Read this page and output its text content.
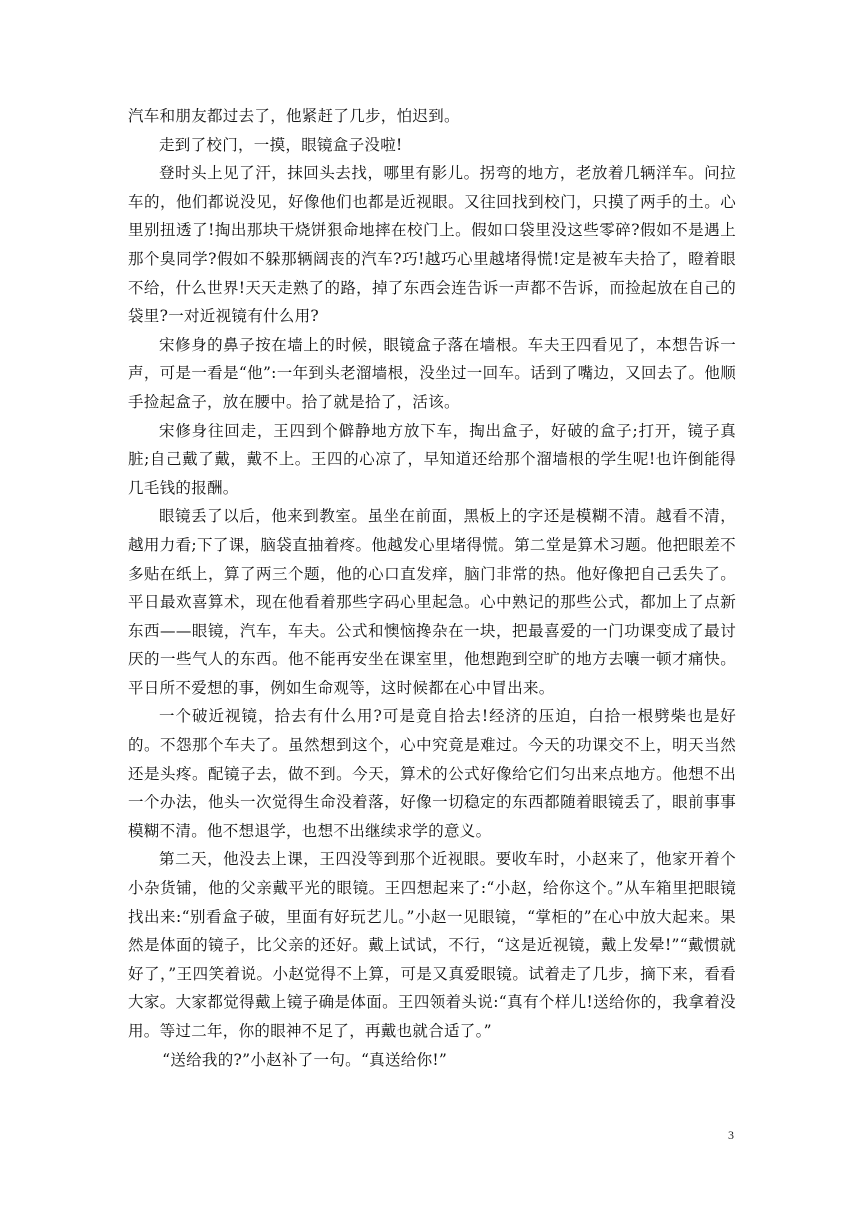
汽车和朋友都过去了，他紧赶了几步，怕迟到。

走到了校门，一摸，眼镜盒子没啦!

登时头上见了汗，抹回头去找，哪里有影儿。拐弯的地方，老放着几辆洋车。问拉车的，他们都说没见，好像他们也都是近视眼。又往回找到校门，只摸了两手的土。心里别扭透了!掏出那块干烧饼狠命地摔在校门上。假如口袋里没这些零碎?假如不是遇上那个臭同学?假如不躲那辆阔丧的汽车?巧!越巧心里越堵得慌!定是被车夫拾了，瞪着眼不给，什么世界!天天走熟了的路，掉了东西会连告诉一声都不告诉，而捡起放在自己的袋里?一对近视镜有什么用?

宋修身的鼻子按在墙上的时候，眼镜盒子落在墙根。车夫王四看见了，本想告诉一声，可是一看是“他”:一年到头老溜墙根，没坐过一回车。话到了嘴边，又回去了。他顺手捡起盒子，放在腰中。拾了就是拾了，活该。

宋修身往回走，王四到个僻静地方放下车，掏出盒子，好破的盒子;打开，镜子真脏;自己戴了戴，戴不上。王四的心凉了，早知道还给那个溜墙根的学生呢!也许倒能得几毛钱的报酬。

眼镜丢了以后，他来到教室。虽坐在前面，黑板上的字还是模糊不清。越看不清，越用力看;下了课，脑袋直抽着疼。他越发心里堵得慌。第二堂是算术习题。他把眼差不多贴在纸上，算了两三个题，他的心口直发痒，脑门非常的热。他好像把自己丢失了。平日最欢喜算术，现在他看着那些字码心里起急。心中熟记的那些公式，都加上了点新东西——眼镜，汽车，车夫。公式和懊恼搀杂在一块，把最喜爱的一门功课变成了最讨厌的一些气人的东西。他不能再安坐在课室里，他想跑到空旷的地方去嚷一顿才痛快。平日所不爱想的事，例如生命观等，这时候都在心中冒出来。

一个破近视镜，拾去有什么用?可是竟自拾去!经济的压迫，白拾一根劈柴也是好的。不怨那个车夫了。虽然想到这个，心中究竟是难过。今天的功课交不上，明天当然还是头疼。配镜子去，做不到。今天，算术的公式好像给它们匀出来点地方。他想不出一个办法，他头一次觉得生命没着落，好像一切稳定的东西都随着眼镜丢了，眼前事事模糊不清。他不想退学，也想不出继续求学的意义。

第二天，他没去上课，王四没等到那个近视眼。要收车时，小赵来了，他家开着个小杂货铺，他的父亲戴平光的眼镜。王四想起来了:“小赵，给你这个。”从车箱里把眼镜找出来:“别看盒子破，里面有好玩艺儿。”小赵一见眼镜，“掌柜的”在心中放大起来。果然是体面的镜子，比父亲的还好。戴上试试，不行，“这是近视镜，戴上发晕!”“戴惯就好了，”王四笑着说。小赵觉得不上算，可是又真爱眼镜。试着走了几步，摘下来，看看大家。大家都觉得戴上镜子确是体面。王四领着头说:“真有个样儿!送给你的，我拿着没用。等过二年，你的眼神不足了，再戴也就合适了。”

“送给我的?”小赵补了一句。“真送给你!”

3
